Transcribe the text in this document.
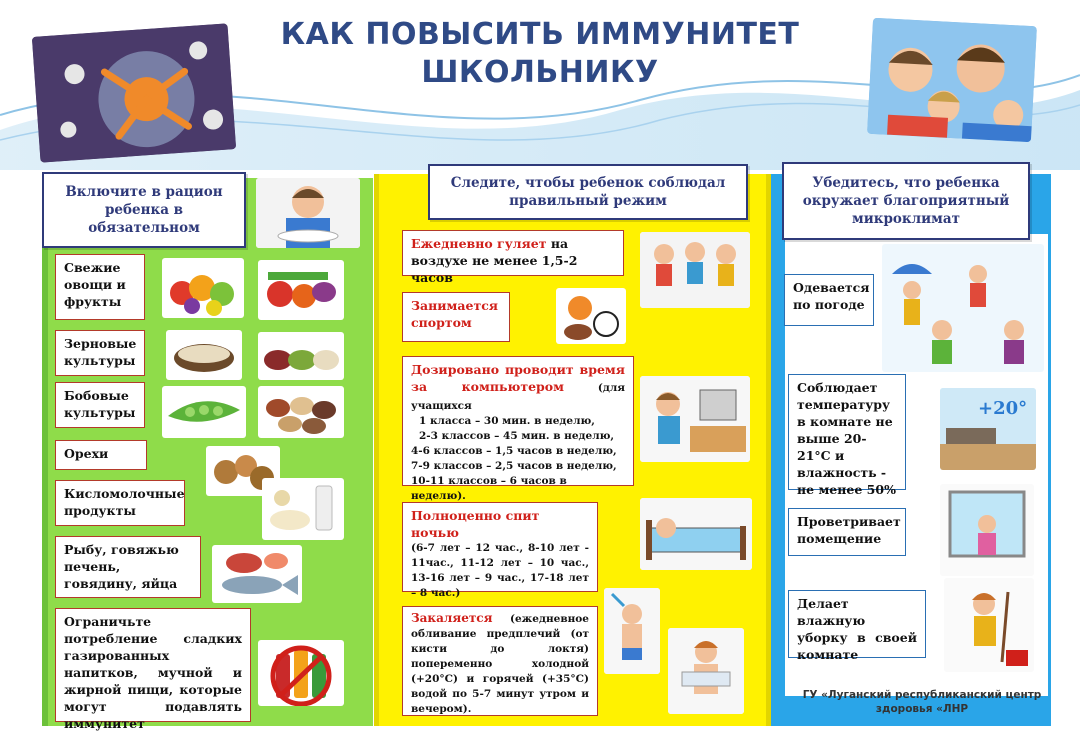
КАК ПОВЫСИТЬ ИММУНИТЕТ
ШКОЛЬНИКУ
Включите в рацион ребенка в обязательном
Свежие овощи и фрукты
Зерновые культуры
Бобовые культуры
Орехи
Кисломолочные продукты
Рыбу, говяжью печень, говядину, яйца
Ограничьте потребление сладких газированных напитков, мучной и жирной пищи, которые могут подавлять иммунитет
Следите, чтобы ребенок соблюдал правильный режим
Ежедневно гуляет на воздухе не менее 1,5-2 часов
Занимается спортом
Дозировано проводит время за компьютером (для учащихся
1 класса – 30 мин. в неделю,
2-3 классов – 45 мин. в неделю,
4-6 классов – 1,5 часов в неделю,
7-9 классов – 2,5 часов в неделю,
10-11 классов – 6 часов в неделю).
Полноценно спит ночью
(6-7 лет – 12 час., 8-10 лет - 11час., 11-12 лет – 10 час., 13-16 лет – 9 час., 17-18 лет – 8 час.)
Закаляется (ежедневное обливание предплечий (от кисти до локтя) попеременно холодной (+20°С) и горячей (+35°С) водой по 5-7 минут утром и вечером).
Убедитесь, что ребенка окружает благоприятный микроклимат
Одевается по погоде
Соблюдает температуру в комнате не выше 20-21°С и влажность - не менее 50%
+20°
Проветривает помещение
Делает влажную уборку в своей комнате
ГУ «Луганский республиканский центр
здоровья «ЛНР
